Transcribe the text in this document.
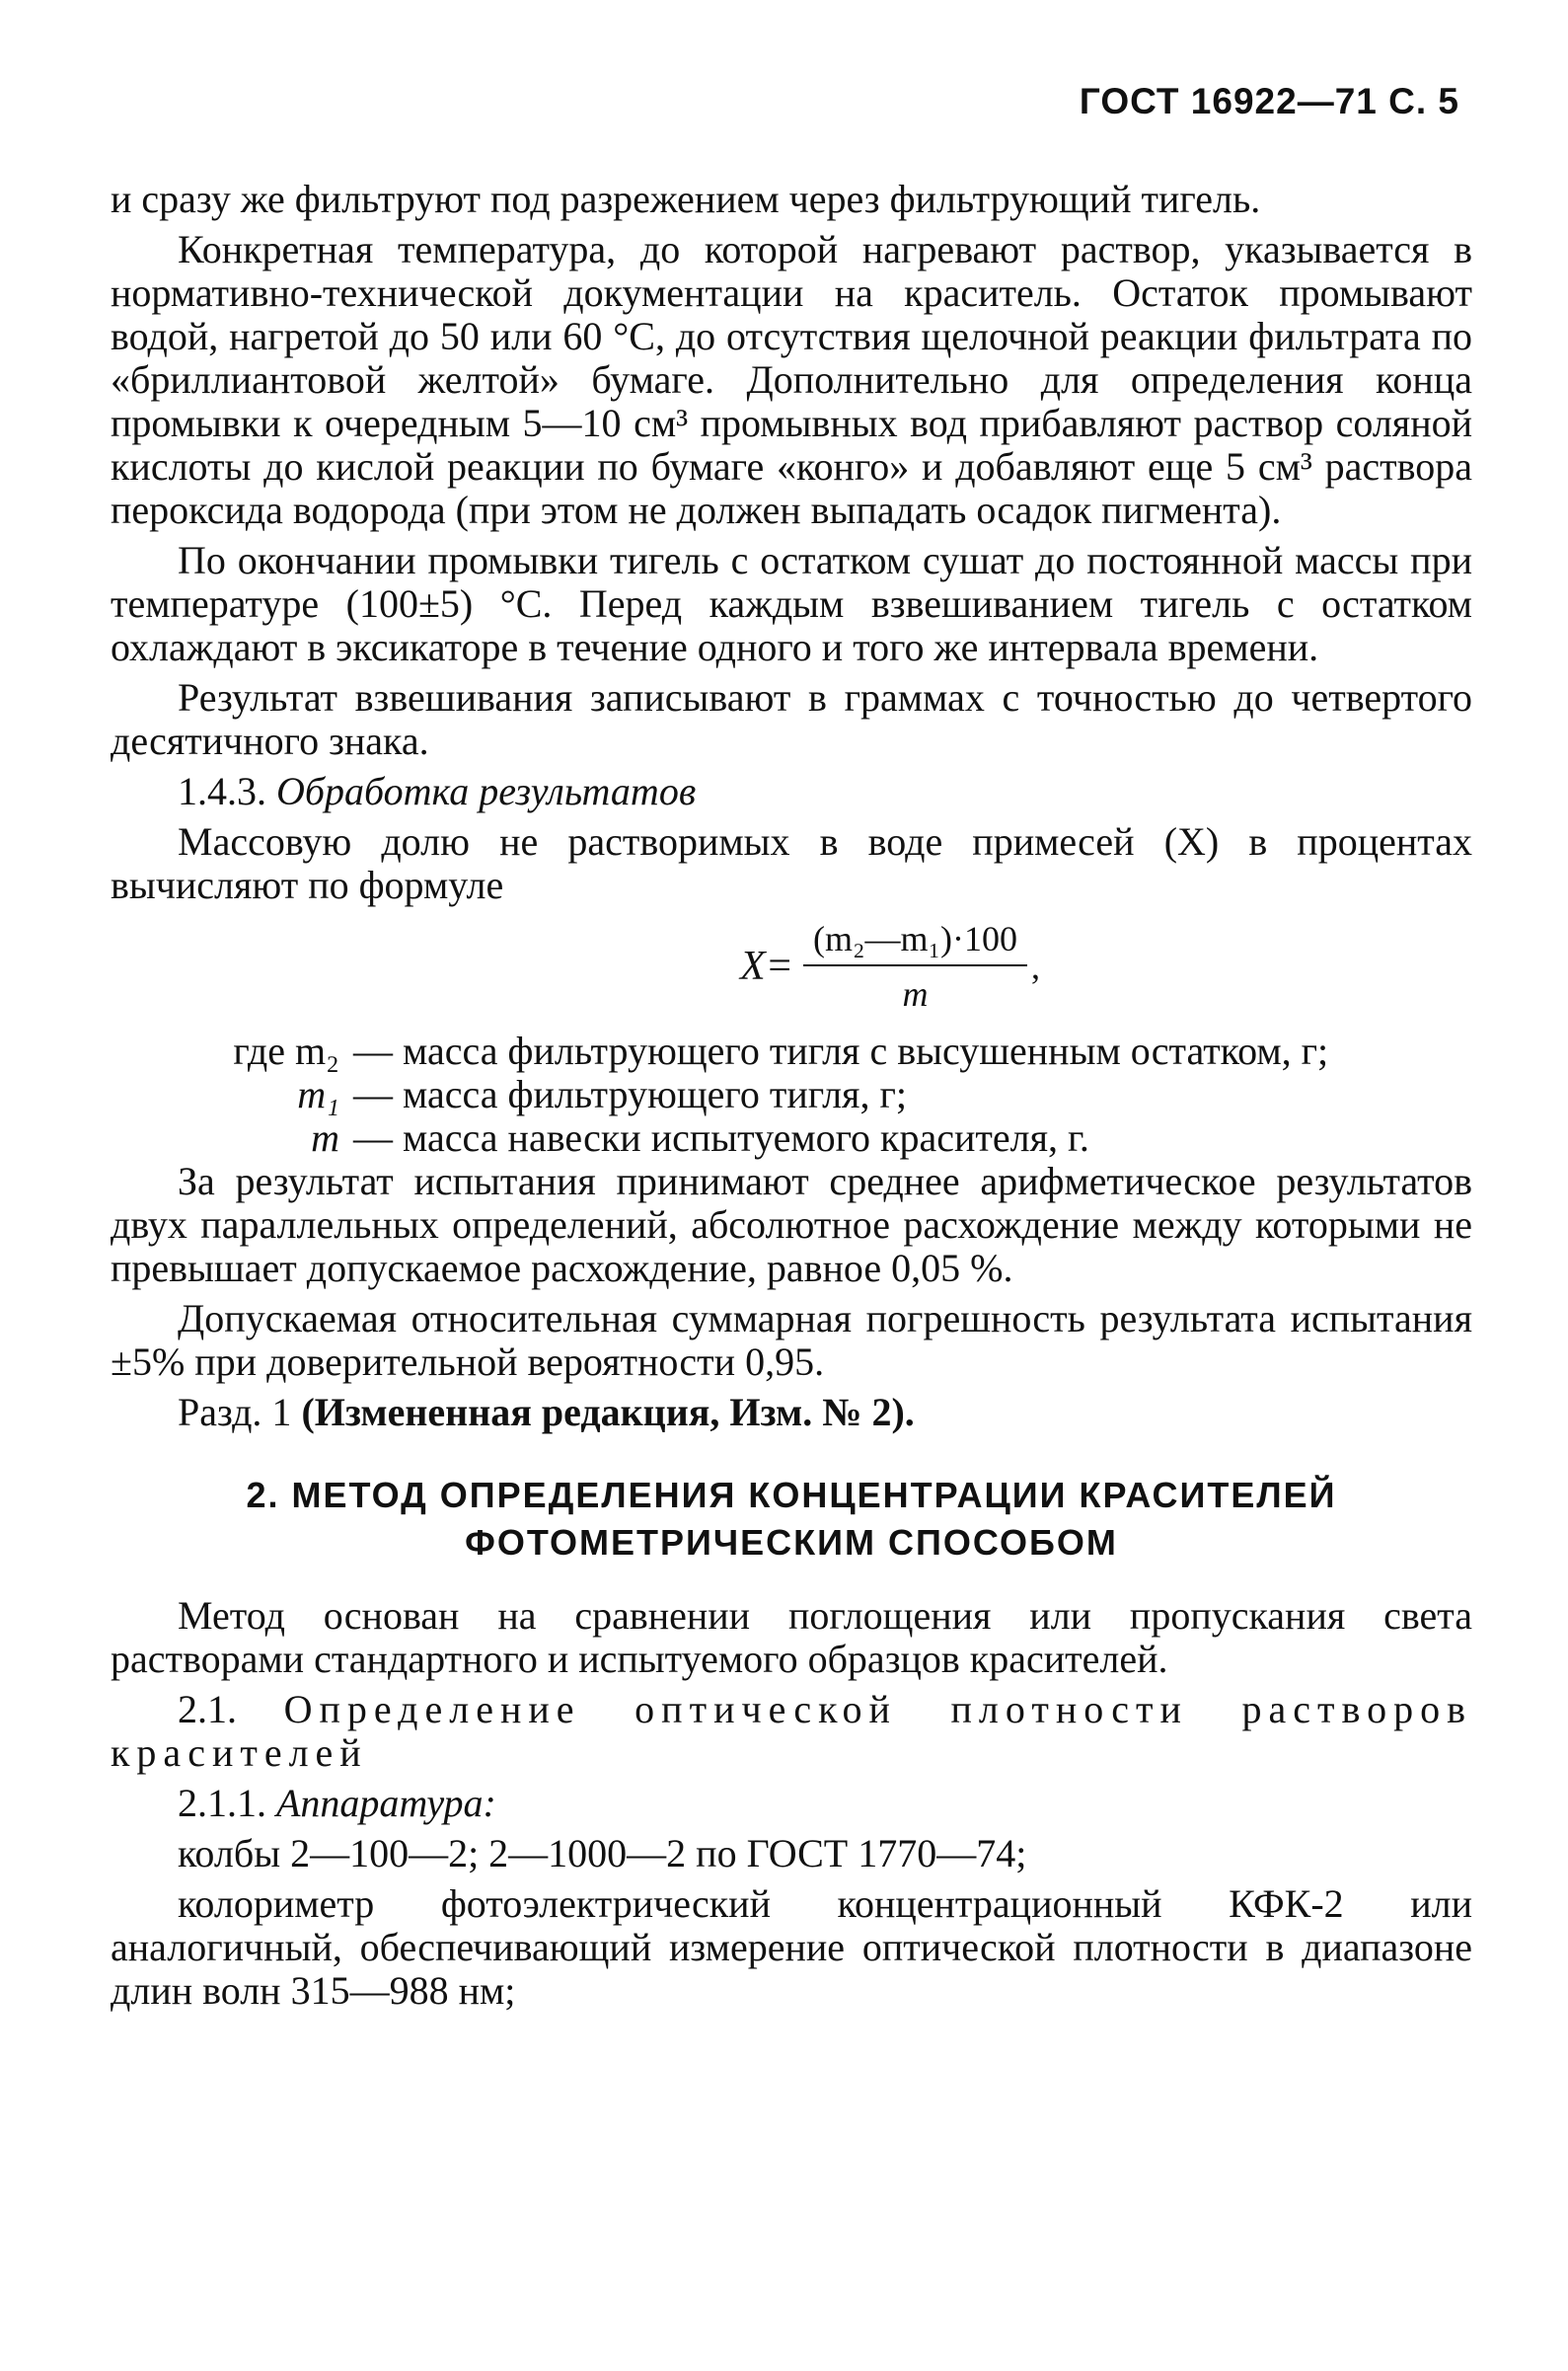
ГОСТ 16922—71 С. 5

и сразу же фильтруют под разрежением через фильтрующий тигель.

Конкретная температура, до которой нагревают раствор, указывается в нормативно-технической документации на краситель. Остаток промывают водой, нагретой до 50 или 60 °С, до отсутствия щелочной реакции фильтрата по «бриллиантовой желтой» бумаге. Дополнительно для определения конца промывки к очередным 5—10 см³ промывных вод прибавляют раствор соляной кислоты до кислой реакции по бумаге «конго» и добавляют еще 5 см³ раствора пероксида водорода (при этом не должен выпадать осадок пигмента).

По окончании промывки тигель с остатком сушат до постоянной массы при температуре (100±5) °С. Перед каждым взвешиванием тигель с остатком охлаждают в эксикаторе в течение одного и того же интервала времени.

Результат взвешивания записывают в граммах с точностью до четвертого десятичного знака.

1.4.3. Обработка результатов

Массовую долю не растворимых в воде примесей (X) в процентах вычисляют по формуле

$X= \frac{\text{(m₂—m₁)·100}}{m}$ ,
где m₂ — масса фильтрующего тигля с высушенным остатком, г;
m₁ — масса фильтрующего тигля, г;
m — масса навески испытуемого красителя, г.

За результат испытания принимают среднее арифметическое результатов двух параллельных определений, абсолютное расхождение между которыми не превышает допускаемое расхождение, равное 0,05 %.

Допускаемая относительная суммарная погрешность результата испытания ±5% при доверительной вероятности 0,95.

Разд. 1 (Измененная редакция, Изм. № 2).

2. МЕТОД ОПРЕДЕЛЕНИЯ КОНЦЕНТРАЦИИ КРАСИТЕЛЕЙ
ФОТОМЕТРИЧЕСКИМ СПОСОБОМ

Метод основан на сравнении поглощения или пропускания света растворами стандартного и испытуемого образцов красителей.

2.1. Определение оптической плотности растворов красителей

2.1.1. Аппаратура:

колбы 2—100—2; 2—1000—2 по ГОСТ 1770—74;

колориметр фотоэлектрический концентрационный КФК-2 или аналогичный, обеспечивающий измерение оптической плотности в диапазоне длин волн 315—988 нм;
